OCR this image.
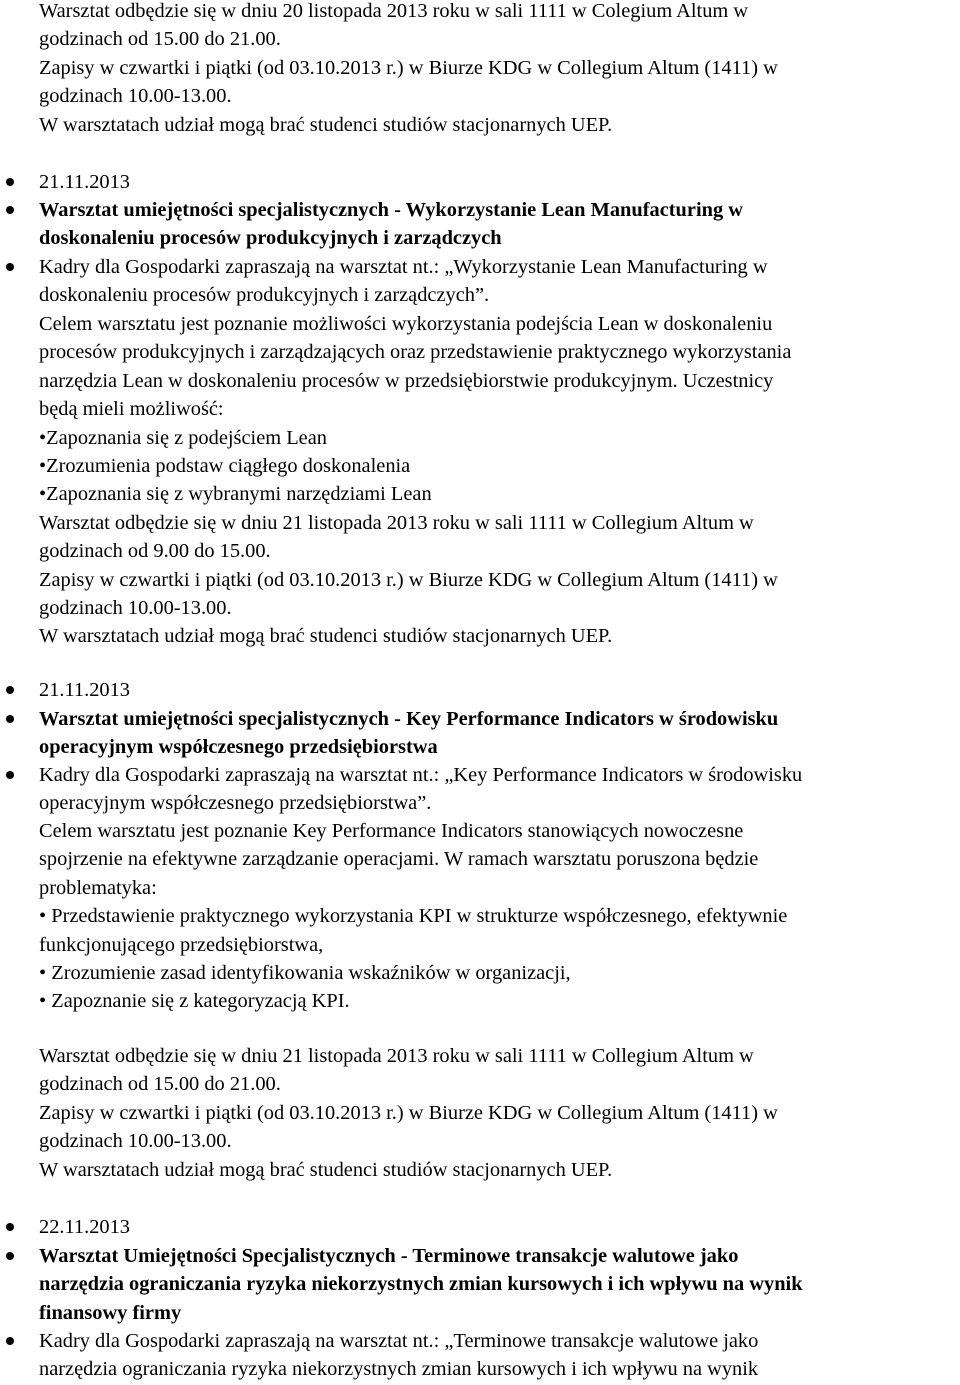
Warsztat odbędzie się w dniu 20 listopada 2013 roku w sali 1111 w Colegium Altum w
godzinach od 15.00 do 21.00.
Zapisy w czwartki i piątki (od 03.10.2013 r.) w Biurze KDG w Collegium Altum (1411) w
godzinach 10.00-13.00.
W warsztatach udział mogą brać studenci studiów stacjonarnych UEP.
21.11.2013
Warsztat umiejętności specjalistycznych - Wykorzystanie Lean Manufacturing w
doskonaleniu procesów produkcyjnych i zarządczych
Kadry dla Gospodarki zapraszają na warsztat nt.: „Wykorzystanie Lean Manufacturing w
doskonaleniu procesów produkcyjnych i zarządczych”.
Celem warsztatu jest poznanie możliwości wykorzystania podejścia Lean w doskonaleniu
procesów produkcyjnych i zarządzających oraz przedstawienie praktycznego wykorzystania
narzędzia Lean w doskonaleniu procesów w przedsiębiorstwie produkcyjnym. Uczestnicy
będą mieli możliwość:
• Zapoznania się z podejściem Lean
• Zrozumienia podstaw ciągłego doskonalenia
• Zapoznania się z wybranymi narzędziami Lean
Warsztat odbędzie się w dniu 21 listopada 2013 roku w sali 1111 w Collegium Altum w
godzinach od 9.00 do 15.00.
Zapisy w czwartki i piątki (od 03.10.2013 r.) w Biurze KDG w Collegium Altum (1411) w
godzinach 10.00-13.00.
W warsztatach udział mogą brać studenci studiów stacjonarnych UEP.
21.11.2013
Warsztat umiejętności specjalistycznych - Key Performance Indicators w środowisku
operacyjnym współczesnego przedsiębiorstwa
Kadry dla Gospodarki zapraszają na warsztat nt.: „Key Performance Indicators w środowisku
operacyjnym współczesnego przedsiębiorstwa”.
Celem warsztatu jest poznanie Key Performance Indicators stanowiących nowoczesne
spojrzenie na efektywne zarządzanie operacjami. W ramach warsztatu poruszona będzie
problematyka:
• Przedstawienie praktycznego wykorzystania KPI w strukturze współczesnego, efektywnie
funkcjonującego przedsiębiorstwa,
• Zrozumienie zasad identyfikowania wskaźników w organizacji,
• Zapoznanie się z kategoryzacją KPI.
Warsztat odbędzie się w dniu 21 listopada 2013 roku w sali 1111 w Collegium Altum w
godzinach od 15.00 do 21.00.
Zapisy w czwartki i piątki (od 03.10.2013 r.) w Biurze KDG w Collegium Altum (1411) w
godzinach 10.00-13.00.
W warsztatach udział mogą brać studenci studiów stacjonarnych UEP.
22.11.2013
Warsztat Umiejętności Specjalistycznych - Terminowe transakcje walutowe jako
narzędzia ograniczania ryzyka niekorzystnych zmian kursowych i ich wpływu na wynik
finansowy firmy
Kadry dla Gospodarki zapraszają na warsztat nt.: „Terminowe transakcje walutowe jako
narzędzia ograniczania ryzyka niekorzystnych zmian kursowych i ich wpływu na wynik
